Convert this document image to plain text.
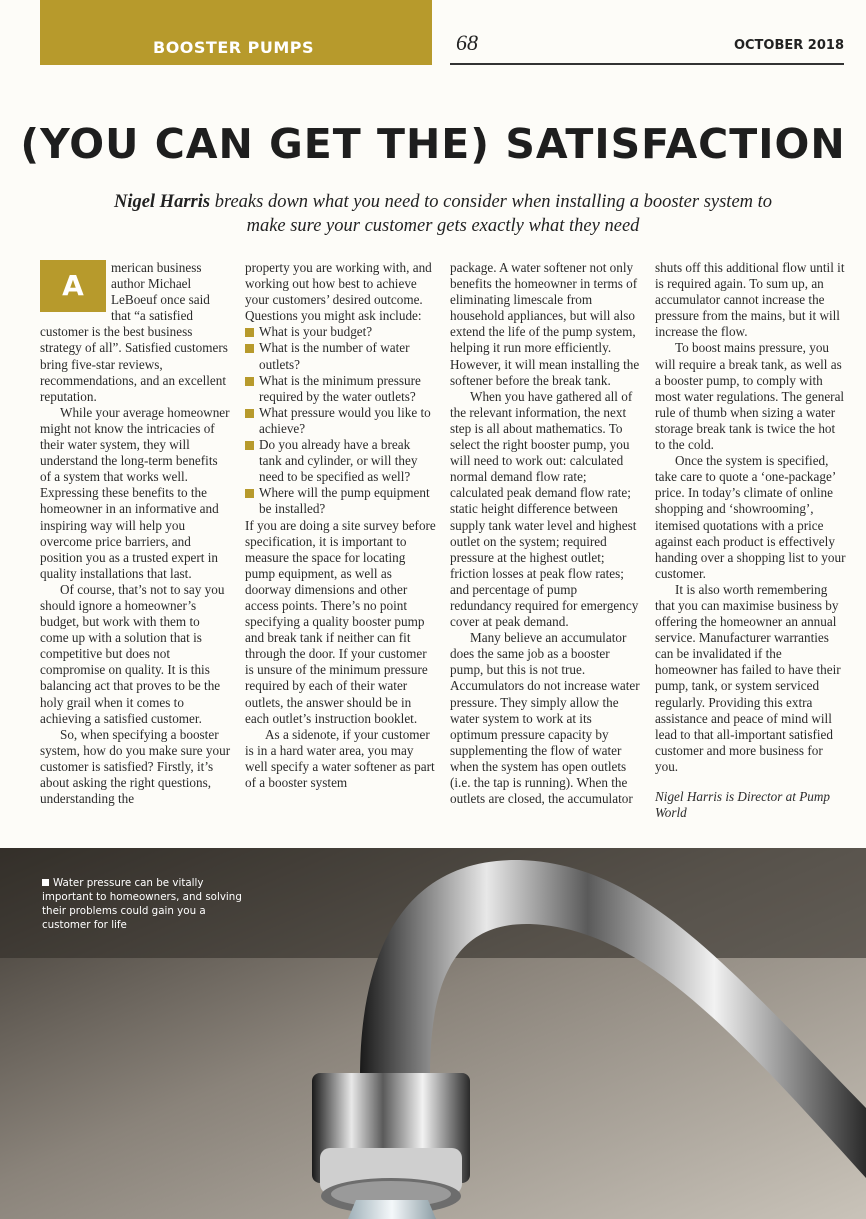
BOOSTER PUMPS	68	OCTOBER 2018
(YOU CAN GET THE) SATISFACTION

Nigel Harris breaks down what you need to consider when installing a booster system to make sure your customer gets exactly what they need

A

merican business author Michael LeBoeuf once said that “a satisfied customer is the best business strategy of all”. Satisfied customers bring five-star reviews, recommendations, and an excellent reputation.

While your average homeowner might not know the intricacies of their water system, they will understand the long-term benefits of a system that works well. Expressing these benefits to the homeowner in an informative and inspiring way will help you overcome price barriers, and position you as a trusted expert in quality installations that last.

Of course, that’s not to say you should ignore a homeowner’s budget, but work with them to come up with a solution that is competitive but does not compromise on quality. It is this balancing act that proves to be the holy grail when it comes to achieving a satisfied customer.

So, when specifying a booster system, how do you make sure your customer is satisfied? Firstly, it’s about asking the right questions, understanding the

property you are working with, and working out how best to achieve your customers’ desired outcome. Questions you might ask include:

What is your budget?
What is the number of water outlets?
What is the minimum pressure required by the water outlets?
What pressure would you like to achieve?
Do you already have a break tank and cylinder, or will they need to be specified as well?
Where will the pump equipment be installed?

If you are doing a site survey before specification, it is important to measure the space for locating pump equipment, as well as doorway dimensions and other access points. There’s no point specifying a quality booster pump and break tank if neither can fit through the door. If your customer is unsure of the minimum pressure required by each of their water outlets, the answer should be in each outlet’s instruction booklet.

As a sidenote, if your customer is in a hard water area, you may well specify a water softener as part of a booster system

package. A water softener not only benefits the homeowner in terms of eliminating limescale from household appliances, but will also extend the life of the pump system, helping it run more efficiently. However, it will mean installing the softener before the break tank.

When you have gathered all of the relevant information, the next step is all about mathematics. To select the right booster pump, you will need to work out: calculated normal demand flow rate; calculated peak demand flow rate; static height difference between supply tank water level and highest outlet on the system; required pressure at the highest outlet; friction losses at peak flow rates; and percentage of pump redundancy required for emergency cover at peak demand.

Many believe an accumulator does the same job as a booster pump, but this is not true. Accumulators do not increase water pressure. They simply allow the water system to work at its optimum pressure capacity by supplementing the flow of water when the system has open outlets (i.e. the tap is running). When the outlets are closed, the accumulator

shuts off this additional flow until it is required again. To sum up, an accumulator cannot increase the pressure from the mains, but it will increase the flow.

To boost mains pressure, you will require a break tank, as well as a booster pump, to comply with most water regulations. The general rule of thumb when sizing a water storage break tank is twice the hot to the cold.

Once the system is specified, take care to quote a ‘one-package’ price. In today’s climate of online shopping and ‘showrooming’, itemised quotations with a price against each product is effectively handing over a shopping list to your customer.

It is also worth remembering that you can maximise business by offering the homeowner an annual service. Manufacturer warranties can be invalidated if the homeowner has failed to have their pump, tank, or system serviced regularly. Providing this extra assistance and peace of mind will lead to that all-important satisfied customer and more business for you.

Nigel Harris is Director at Pump World

Water pressure can be vitally important to homeowners, and solving their problems could gain you a customer for life
